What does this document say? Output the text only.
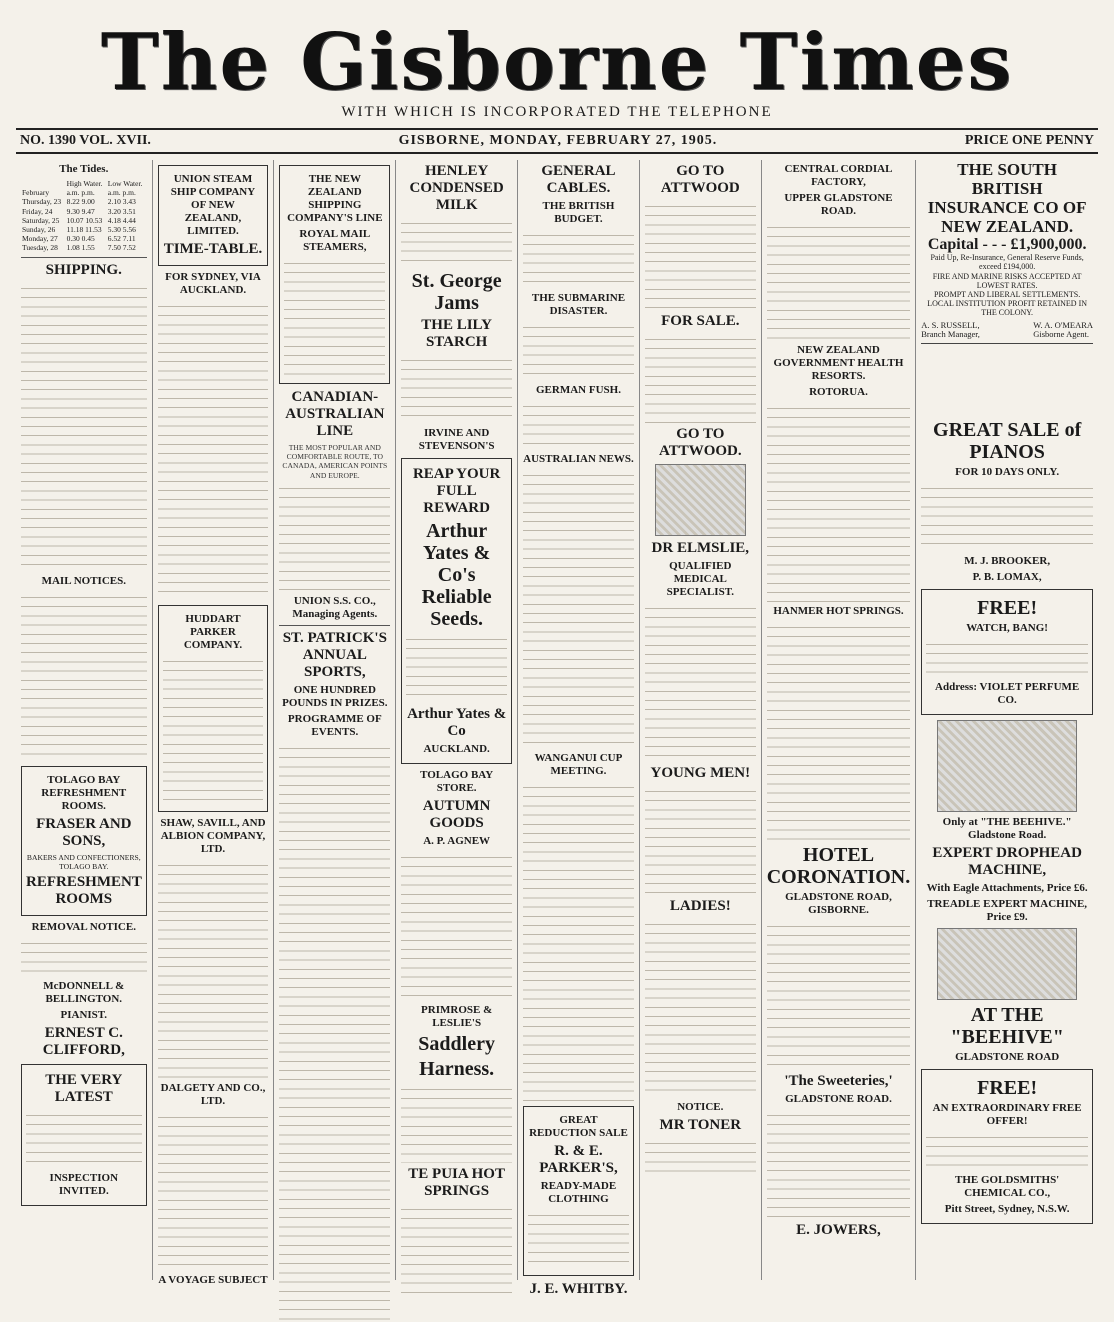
The Gisborne Times
WITH WHICH IS INCORPORATED THE TELEPHONE
NO. 1390 VOL. XVII.	GISBORNE, MONDAY, FEBRUARY 27, 1905.	PRICE ONE PENNY
The Tides.
	High Water.	Low Water.
February	a.m. p.m.	a.m. p.m.
Thursday, 23	8.22 9.00	2.10 3.43
Friday, 24	9.30 9.47	3.20 3.51
Saturday, 25	10.07 10.53	4.18 4.44
Sunday, 26	11.18 11.53	5.30 5.56
Monday, 27	0.30 0.45	6.52 7.11
Tuesday, 28	1.08 1.55	7.50 7.52
SHIPPING.
MAIL NOTICES.
TOLAGO BAY REFRESHMENT ROOMS.
FRASER AND SONS,
BAKERS AND CONFECTIONERS, TOLAGO BAY.
REFRESHMENT ROOMS
REMOVAL NOTICE.
McDONNELL & BELLINGTON.
PIANIST.
ERNEST C. CLIFFORD,
THE VERY LATEST
INSPECTION INVITED.
UNION STEAM SHIP COMPANY OF NEW ZEALAND, LIMITED.
TIME-TABLE.
FOR SYDNEY, VIA AUCKLAND.
HUDDART PARKER COMPANY.
SHAW, SAVILL, AND ALBION COMPANY, LTD.
DALGETY AND CO., LTD.
A VOYAGE SUBJECT
THE NEW ZEALAND SHIPPING COMPANY'S LINE
ROYAL MAIL STEAMERS,
CANADIAN-AUSTRALIAN LINE
THE MOST POPULAR AND COMFORTABLE ROUTE, TO CANADA, AMERICAN POINTS AND EUROPE.
UNION S.S. CO., Managing Agents.
ST. PATRICK'S ANNUAL SPORTS,
ONE HUNDRED POUNDS IN PRIZES.
PROGRAMME OF EVENTS.
HENLEY CONDENSED MILK
St. George Jams
THE LILY STARCH
IRVINE AND STEVENSON'S
REAP YOUR FULL REWARD
Arthur Yates & Co's Reliable Seeds.
Arthur Yates & Co
AUCKLAND.
TOLAGO BAY STORE.
AUTUMN GOODS
A. P. AGNEW
PRIMROSE & LESLIE'S
Saddlery
Harness.
TE PUIA HOT SPRINGS
GENERAL CABLES.
THE BRITISH BUDGET.
THE SUBMARINE DISASTER.
GERMAN FUSH.
AUSTRALIAN NEWS.
WANGANUI CUP MEETING.
GREAT REDUCTION SALE
R. & E. PARKER'S,
READY-MADE CLOTHING
J. E. WHITBY.
GO TO ATTWOOD
FOR SALE.
GO TO ATTWOOD.
DR ELMSLIE,
QUALIFIED MEDICAL SPECIALIST.
YOUNG MEN!
LADIES!
NOTICE.
MR TONER
CENTRAL CORDIAL FACTORY,
UPPER GLADSTONE ROAD.
NEW ZEALAND GOVERNMENT HEALTH RESORTS.
ROTORUA.
HANMER HOT SPRINGS.
HOTEL CORONATION.
GLADSTONE ROAD, GISBORNE.
'The Sweeteries,'
GLADSTONE ROAD.
E. JOWERS,
THE SOUTH BRITISH INSURANCE CO OF NEW ZEALAND.
Capital - - - £1,900,000.
Paid Up, Re-Insurance, General Reserve Funds, exceed £194,000.
FIRE AND MARINE RISKS ACCEPTED AT LOWEST RATES.
PROMPT AND LIBERAL SETTLEMENTS. LOCAL INSTITUTION PROFIT RETAINED IN THE COLONY.
A. S. RUSSELL,
Branch Manager,
W. A. O'MEARA
Gisborne Agent.
GREAT SALE of PIANOS
FOR 10 DAYS ONLY.
M. J. BROOKER,
P. B. LOMAX,
FREE!
WATCH, BANG!
Address: VIOLET PERFUME CO.
Only at "THE BEEHIVE." Gladstone Road.
EXPERT DROPHEAD MACHINE,
With Eagle Attachments, Price £6.
TREADLE EXPERT MACHINE, Price £9.
AT THE "BEEHIVE"
GLADSTONE ROAD
FREE!
AN EXTRAORDINARY FREE OFFER!
THE GOLDSMITHS' CHEMICAL CO.,
Pitt Street, Sydney, N.S.W.
